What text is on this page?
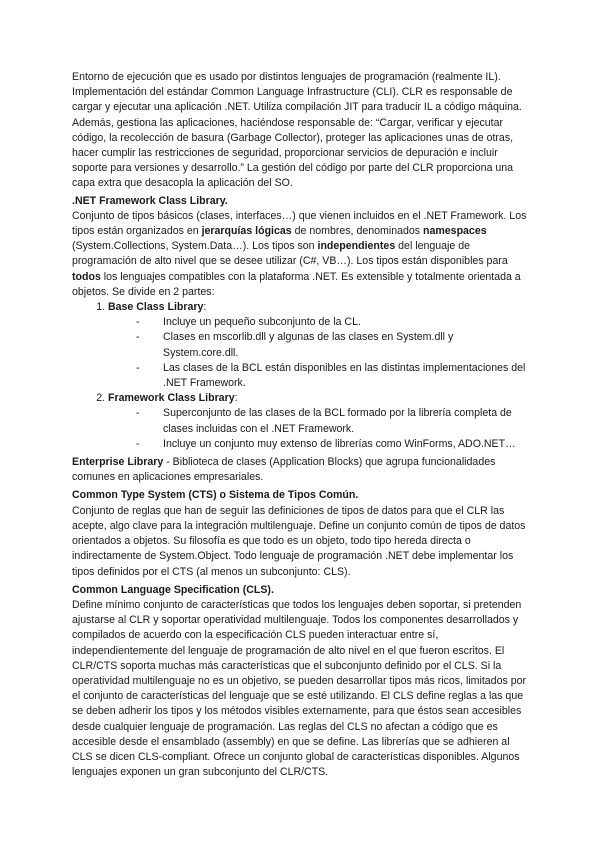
Entorno de ejecución que es usado por distintos lenguajes de programación (realmente IL). Implementación del estándar Common Language Infrastructure (CLI). CLR es responsable de cargar y ejecutar una aplicación .NET. Utiliza compilación JIT para traducir IL a código máquina. Además, gestiona las aplicaciones, haciéndose responsable de: “Cargar, verificar y ejecutar código, la recolección de basura (Garbage Collector), proteger las aplicaciones unas de otras, hacer cumplir las restricciones de seguridad, proporcionar servicios de depuración e incluir soporte para versiones y desarrollo.” La gestión del código por parte del CLR proporciona una capa extra que desacopla la aplicación del SO.

.NET Framework Class Library.

Conjunto de tipos básicos (clases, interfaces…) que vienen incluidos en el .NET Framework. Los tipos están organizados en jerarquías lógicas de nombres, denominados namespaces (System.Collections, System.Data…). Los tipos son independientes del lenguaje de programación de alto nivel que se desee utilizar (C#, VB…). Los tipos están disponibles para todos los lenguajes compatibles con la plataforma .NET. Es extensible y totalmente orientada a objetos. Se divide en 2 partes:

1. Base Class Library:
- Incluye un pequeño subconjunto de la CL.
- Clases en mscorlib.dll y algunas de las clases en System.dll y System.core.dll.
- Las clases de la BCL están disponibles en las distintas implementaciones del .NET Framework.
2. Framework Class Library:
- Superconjunto de las clases de la BCL formado por la librería completa de clases incluidas con el .NET Framework.
- Incluye un conjunto muy extenso de librerías como WinForms, ADO.NET…

Enterprise Library - Biblioteca de clases (Application Blocks) que agrupa funcionalidades comunes en aplicaciones empresariales.

Common Type System (CTS) o Sistema de Tipos Común.

Conjunto de reglas que han de seguir las definiciones de tipos de datos para que el CLR las acepte, algo clave para la integración multilenguaje. Define un conjunto común de tipos de datos orientados a objetos. Su filosofía es que todo es un objeto, todo tipo hereda directa o indirectamente de System.Object. Todo lenguaje de programación .NET debe implementar los tipos definidos por el CTS (al menos un subconjunto: CLS).

Common Language Specification (CLS).

Define mínimo conjunto de características que todos los lenguajes deben soportar, si pretenden ajustarse al CLR y soportar operatividad multilenguaje. Todos los componentes desarrollados y compilados de acuerdo con la especificación CLS pueden interactuar entre sí, independientemente del lenguaje de programación de alto nivel en el que fueron escritos. El CLR/CTS soporta muchas más características que el subconjunto definido por el CLS. Si la operatividad multilenguaje no es un objetivo, se pueden desarrollar tipos más ricos, limitados por el conjunto de características del lenguaje que se esté utilizando. El CLS define reglas a las que se deben adherir los tipos y los métodos visibles externamente, para que éstos sean accesibles desde cualquier lenguaje de programación. Las reglas del CLS no afectan a código que es accesible desde el ensamblado (assembly) en que se define. Las librerías que se adhieren al CLS se dicen CLS-compliant. Ofrece un conjunto global de características disponibles. Algunos lenguajes exponen un gran subconjunto del CLR/CTS.
